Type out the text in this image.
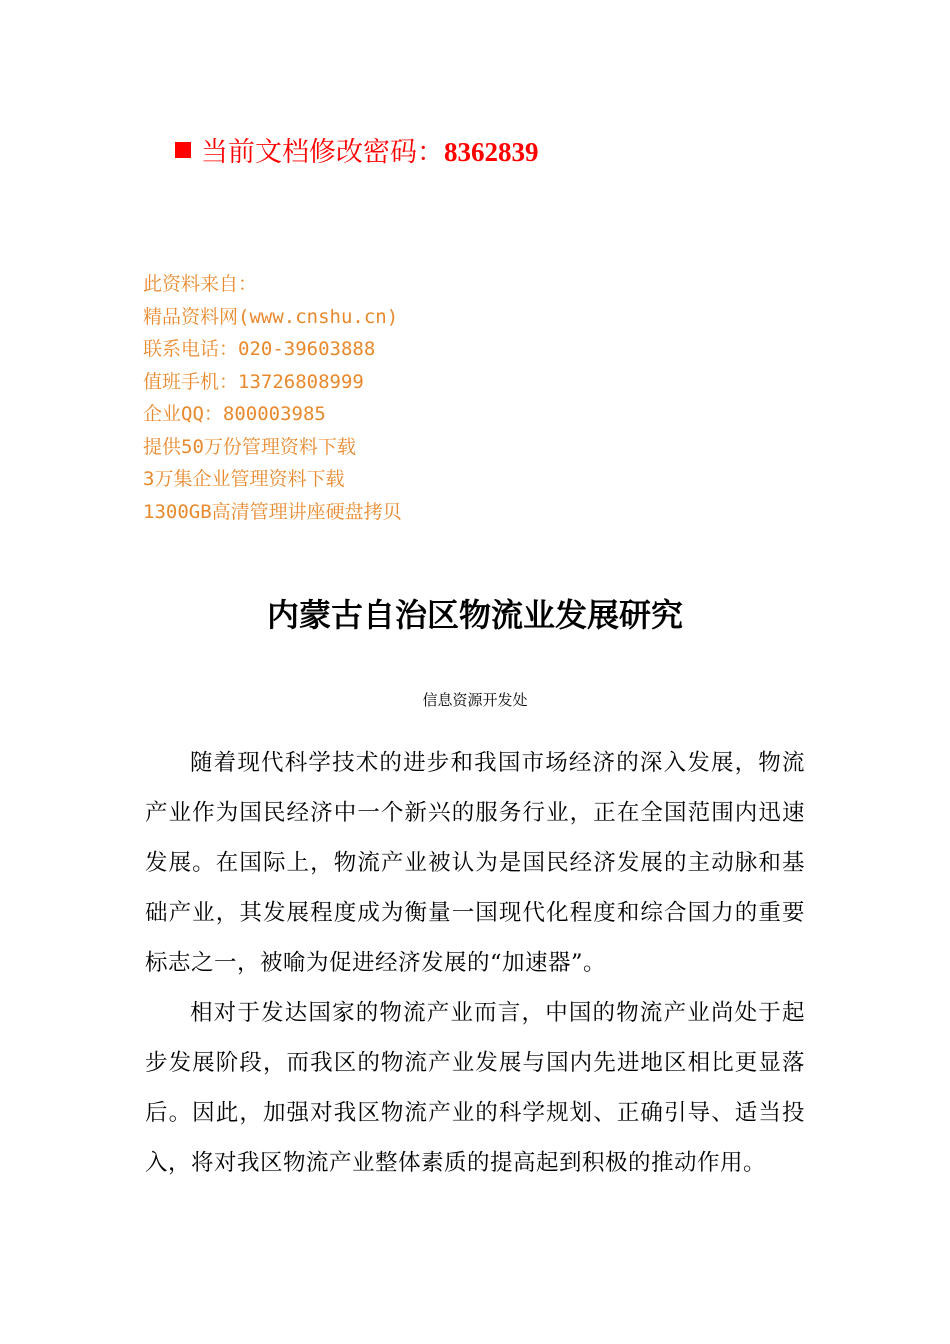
当前文档修改密码：8362839
此资料来自：
精品资料网(www.cnshu.cn)
联系电话：020-39603888
值班手机：13726808999
企业QQ：800003985
提供50万份管理资料下载
3万集企业管理资料下载
1300GB高清管理讲座硬盘拷贝
内蒙古自治区物流业发展研究
信息资源开发处

随着现代科学技术的进步和我国市场经济的深入发展，物流产业作为国民经济中一个新兴的服务行业，正在全国范围内迅速发展。在国际上，物流产业被认为是国民经济发展的主动脉和基础产业，其发展程度成为衡量一国现代化程度和综合国力的重要标志之一，被喻为促进经济发展的“加速器”。

相对于发达国家的物流产业而言，中国的物流产业尚处于起步发展阶段，而我区的物流产业发展与国内先进地区相比更显落后。因此，加强对我区物流产业的科学规划、正确引导、适当投入，将对我区物流产业整体素质的提高起到积极的推动作用。
